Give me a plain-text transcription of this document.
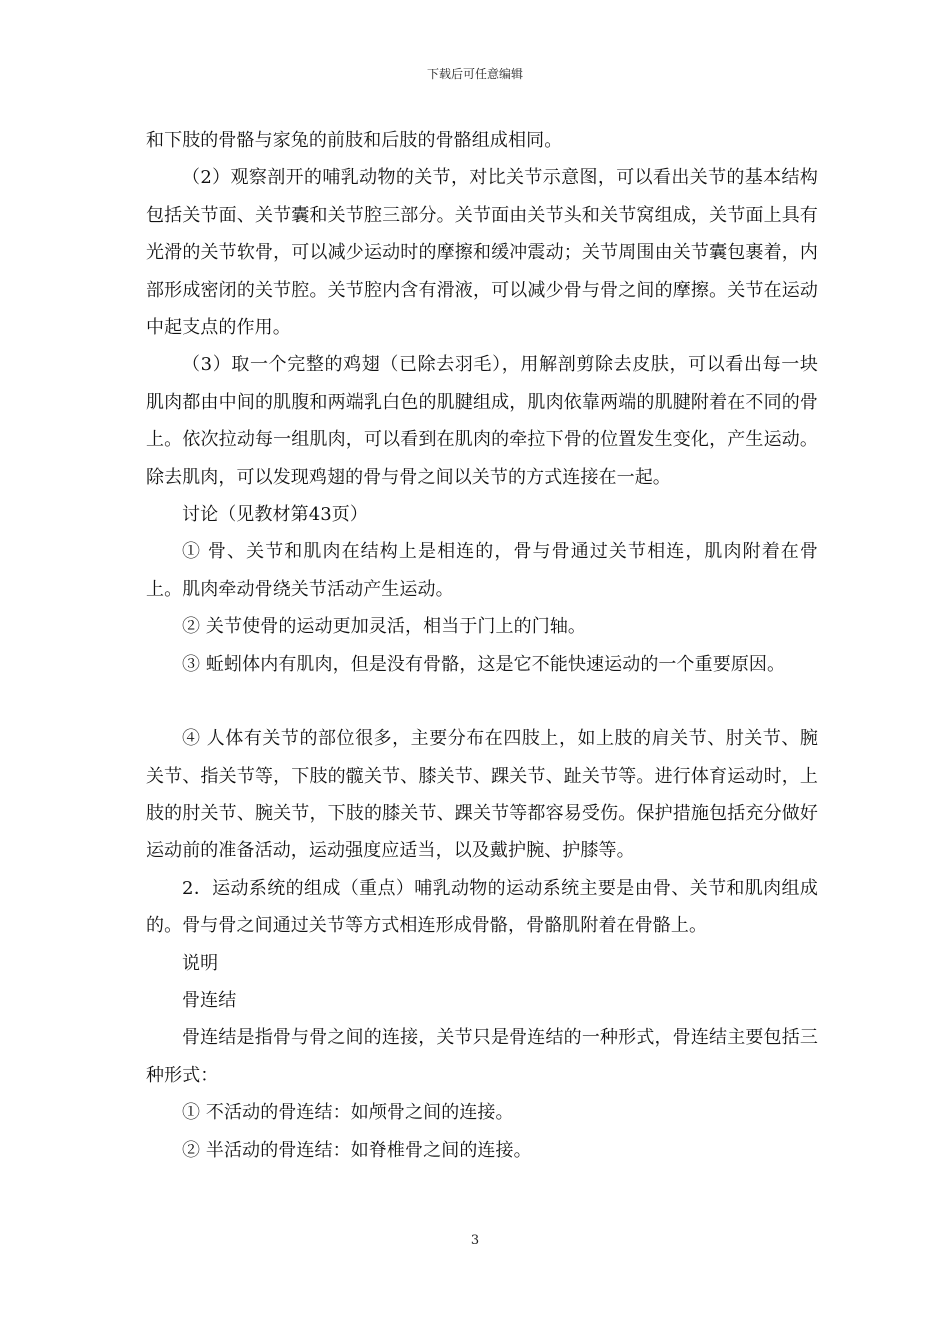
下载后可任意编辑

和下肢的骨骼与家兔的前肢和后肢的骨骼组成相同。

（2）观察剖开的哺乳动物的关节，对比关节示意图，可以看出关节的基本结构包括关节面、关节囊和关节腔三部分。关节面由关节头和关节窝组成，关节面上具有光滑的关节软骨，可以减少运动时的摩擦和缓冲震动；关节周围由关节囊包裹着，内部形成密闭的关节腔。关节腔内含有滑液，可以减少骨与骨之间的摩擦。关节在运动中起支点的作用。

（3）取一个完整的鸡翅（已除去羽毛），用解剖剪除去皮肤，可以看出每一块肌肉都由中间的肌腹和两端乳白色的肌腱组成，肌肉依靠两端的肌腱附着在不同的骨上。依次拉动每一组肌肉，可以看到在肌肉的牵拉下骨的位置发生变化，产生运动。除去肌肉，可以发现鸡翅的骨与骨之间以关节的方式连接在一起。

讨论（见教材第43页）

① 骨、关节和肌肉在结构上是相连的，骨与骨通过关节相连，肌肉附着在骨上。肌肉牵动骨绕关节活动产生运动。

② 关节使骨的运动更加灵活，相当于门上的门轴。

③ 蚯蚓体内有肌肉，但是没有骨骼，这是它不能快速运动的一个重要原因。

④ 人体有关节的部位很多，主要分布在四肢上，如上肢的肩关节、肘关节、腕关节、指关节等，下肢的髋关节、膝关节、踝关节、趾关节等。进行体育运动时，上肢的肘关节、腕关节，下肢的膝关节、踝关节等都容易受伤。保护措施包括充分做好运动前的准备活动，运动强度应适当，以及戴护腕、护膝等。

2．运动系统的组成（重点）哺乳动物的运动系统主要是由骨、关节和肌肉组成的。骨与骨之间通过关节等方式相连形成骨骼，骨骼肌附着在骨骼上。

说明

骨连结

骨连结是指骨与骨之间的连接，关节只是骨连结的一种形式，骨连结主要包括三种形式：

① 不活动的骨连结：如颅骨之间的连接。

② 半活动的骨连结：如脊椎骨之间的连接。

3
